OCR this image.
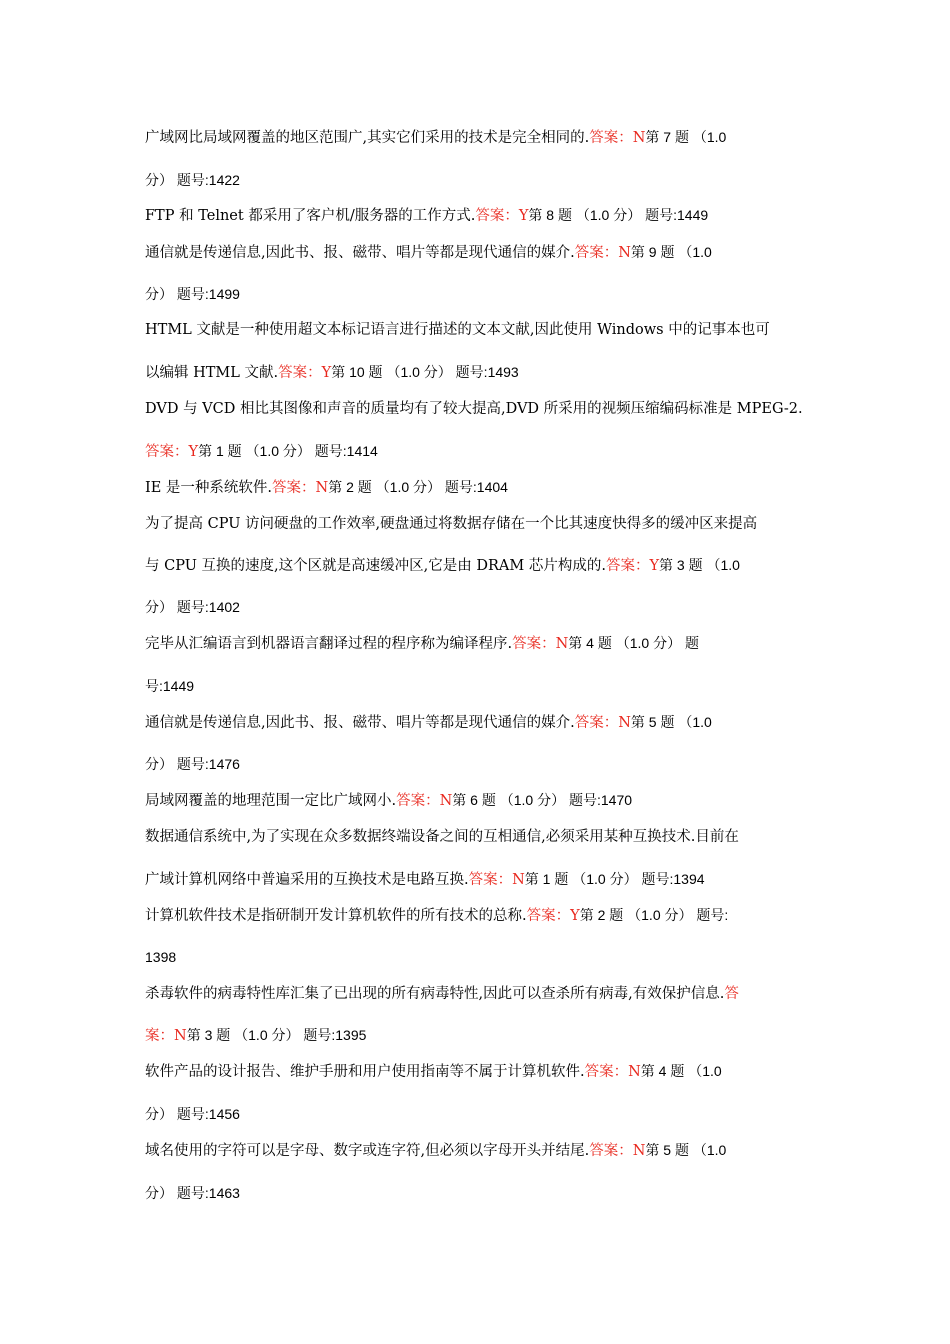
广域网比局域网覆盖的地区范围广,其实它们采用的技术是完全相同的.答案：N第 7 题 （1.0
分） 题号:1422
FTP 和 Telnet 都采用了客户机/服务器的工作方式.答案：Y第 8 题 （1.0 分） 题号:1449
通信就是传递信息,因此书、报、磁带、唱片等都是现代通信的媒介.答案：N第 9 题 （1.0
分） 题号:1499
HTML 文献是一种使用超文本标记语言进行描述的文本文献,因此使用 Windows 中的记事本也可
以编辑 HTML 文献.答案：Y第 10 题 （1.0 分） 题号:1493
DVD 与 VCD 相比其图像和声音的质量均有了较大提高,DVD 所采用的视频压缩编码标准是 MPEG-2.
答案：Y第 1 题 （1.0 分） 题号:1414
IE 是一种系统软件.答案：N第 2 题 （1.0 分） 题号:1404
为了提高 CPU 访问硬盘的工作效率,硬盘通过将数据存储在一个比其速度快得多的缓冲区来提高
与 CPU 互换的速度,这个区就是高速缓冲区,它是由 DRAM 芯片构成的.答案：Y第 3 题 （1.0
分） 题号:1402
完毕从汇编语言到机器语言翻译过程的程序称为编译程序.答案：N第 4 题 （1.0 分） 题
号:1449
通信就是传递信息,因此书、报、磁带、唱片等都是现代通信的媒介.答案：N第 5 题 （1.0
分） 题号:1476
局域网覆盖的地理范围一定比广域网小.答案：N第 6 题 （1.0 分） 题号:1470
数据通信系统中,为了实现在众多数据终端设备之间的互相通信,必须采用某种互换技术.目前在
广域计算机网络中普遍采用的互换技术是电路互换.答案：N第 1 题 （1.0 分） 题号:1394
计算机软件技术是指研制开发计算机软件的所有技术的总称.答案：Y第 2 题 （1.0 分） 题号:
1398
杀毒软件的病毒特性库汇集了已出现的所有病毒特性,因此可以查杀所有病毒,有效保护信息.答
案：N第 3 题 （1.0 分） 题号:1395
软件产品的设计报告、维护手册和用户使用指南等不属于计算机软件.答案：N第 4 题 （1.0
分） 题号:1456
域名使用的字符可以是字母、数字或连字符,但必须以字母开头并结尾.答案：N第 5 题 （1.0
分） 题号:1463
